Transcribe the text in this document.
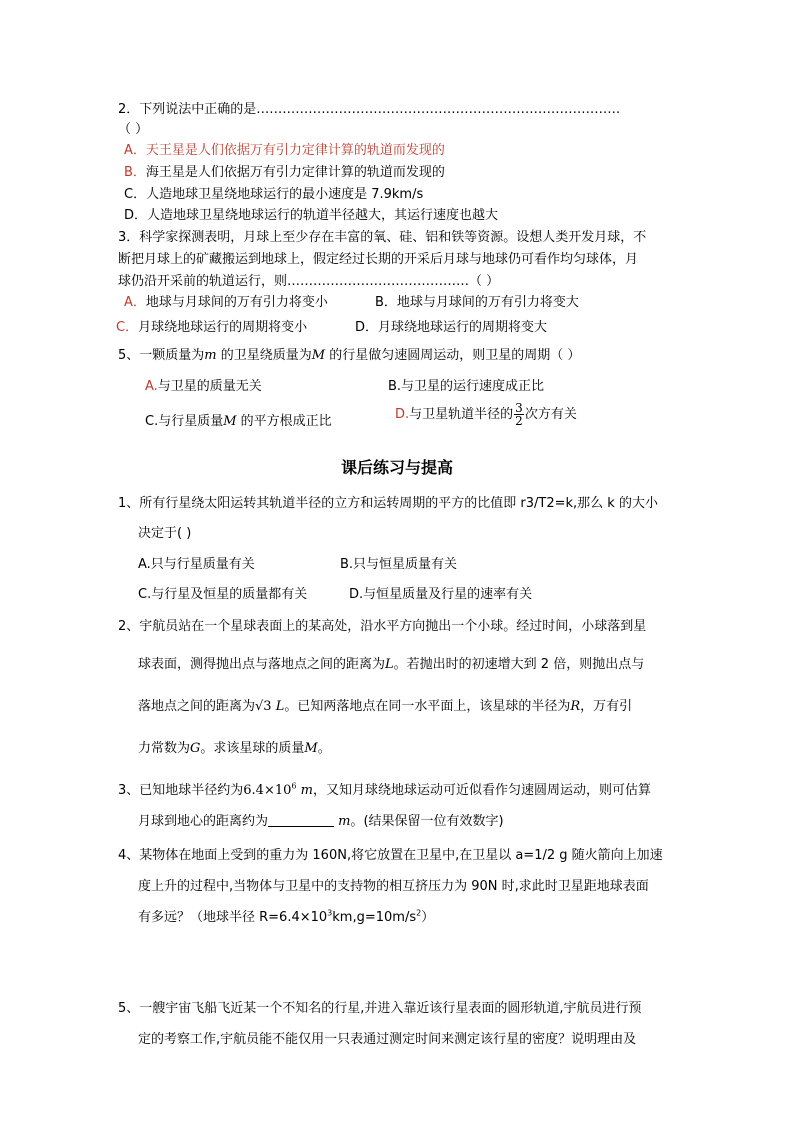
2．下列说法中正确的是…………………………………………………………………………
（ ）
A．天王星是人们依据万有引力定律计算的轨道而发现的
B．海王星是人们依据万有引力定律计算的轨道而发现的
C．人造地球卫星绕地球运行的最小速度是 7.9km/s
D．人造地球卫星绕地球运行的轨道半径越大，其运行速度也越大
3．科学家探测表明，月球上至少存在丰富的氧、硅、铝和铁等资源。设想人类开发月球，不
断把月球上的矿藏搬运到地球上，假定经过长期的开采后月球与地球仍可看作均匀球体，月
球仍沿开采前的轨道运行，则……………………………………（ ）
A．地球与月球间的万有引力将变小	B．地球与月球间的万有引力将变大
C．月球绕地球运行的周期将变小	D．月球绕地球运行的周期将变大
5、一颗质量为m 的卫星绕质量为M 的行星做匀速圆周运动，则卫星的周期（ ）
A.与卫星的质量无关	B.与卫星的运行速度成正比
C.与行星质量M 的平方根成正比	D.与卫星轨道半径的 $\frac{3}{2}$ 次方有关
课后练习与提高
1、所有行星绕太阳运转其轨道半径的立方和运转周期的平方的比值即 r3/T2=k,那么 k 的大小
决定于( )
A.只与行星质量有关	B.只与恒星质量有关
C.与行星及恒星的质量都有关	D.与恒星质量及行星的速率有关
2、宇航员站在一个星球表面上的某高处，沿水平方向抛出一个小球。经过时间，小球落到星
球表面，测得抛出点与落地点之间的距离为L。若抛出时的初速增大到 2 倍，则抛出点与
落地点之间的距离为√3 L。已知两落地点在同一水平面上，该星球的半径为R，万有引
力常数为G。求该星球的质量M。
3、已知地球半径约为$6.4\times 10^6$ m，又知月球绕地球运动可近似看作匀速圆周运动，则可估算
月球到地心的距离约为	m。(结果保留一位有效数字)
4、某物体在地面上受到的重力为 160N,将它放置在卫星中,在卫星以 a=1/2 g 随火箭向上加速
度上升的过程中,当物体与卫星中的支持物的相互挤压力为 90N 时,求此时卫星距地球表面
有多远？（地球半径 $R=6.4\times 10^3km,g=10m/s^2$）
5、一艘宇宙飞船飞近某一个不知名的行星,并进入靠近该行星表面的圆形轨道,宇航员进行预
定的考察工作,宇航员能不能仅用一只表通过测定时间来测定该行星的密度？说明理由及
